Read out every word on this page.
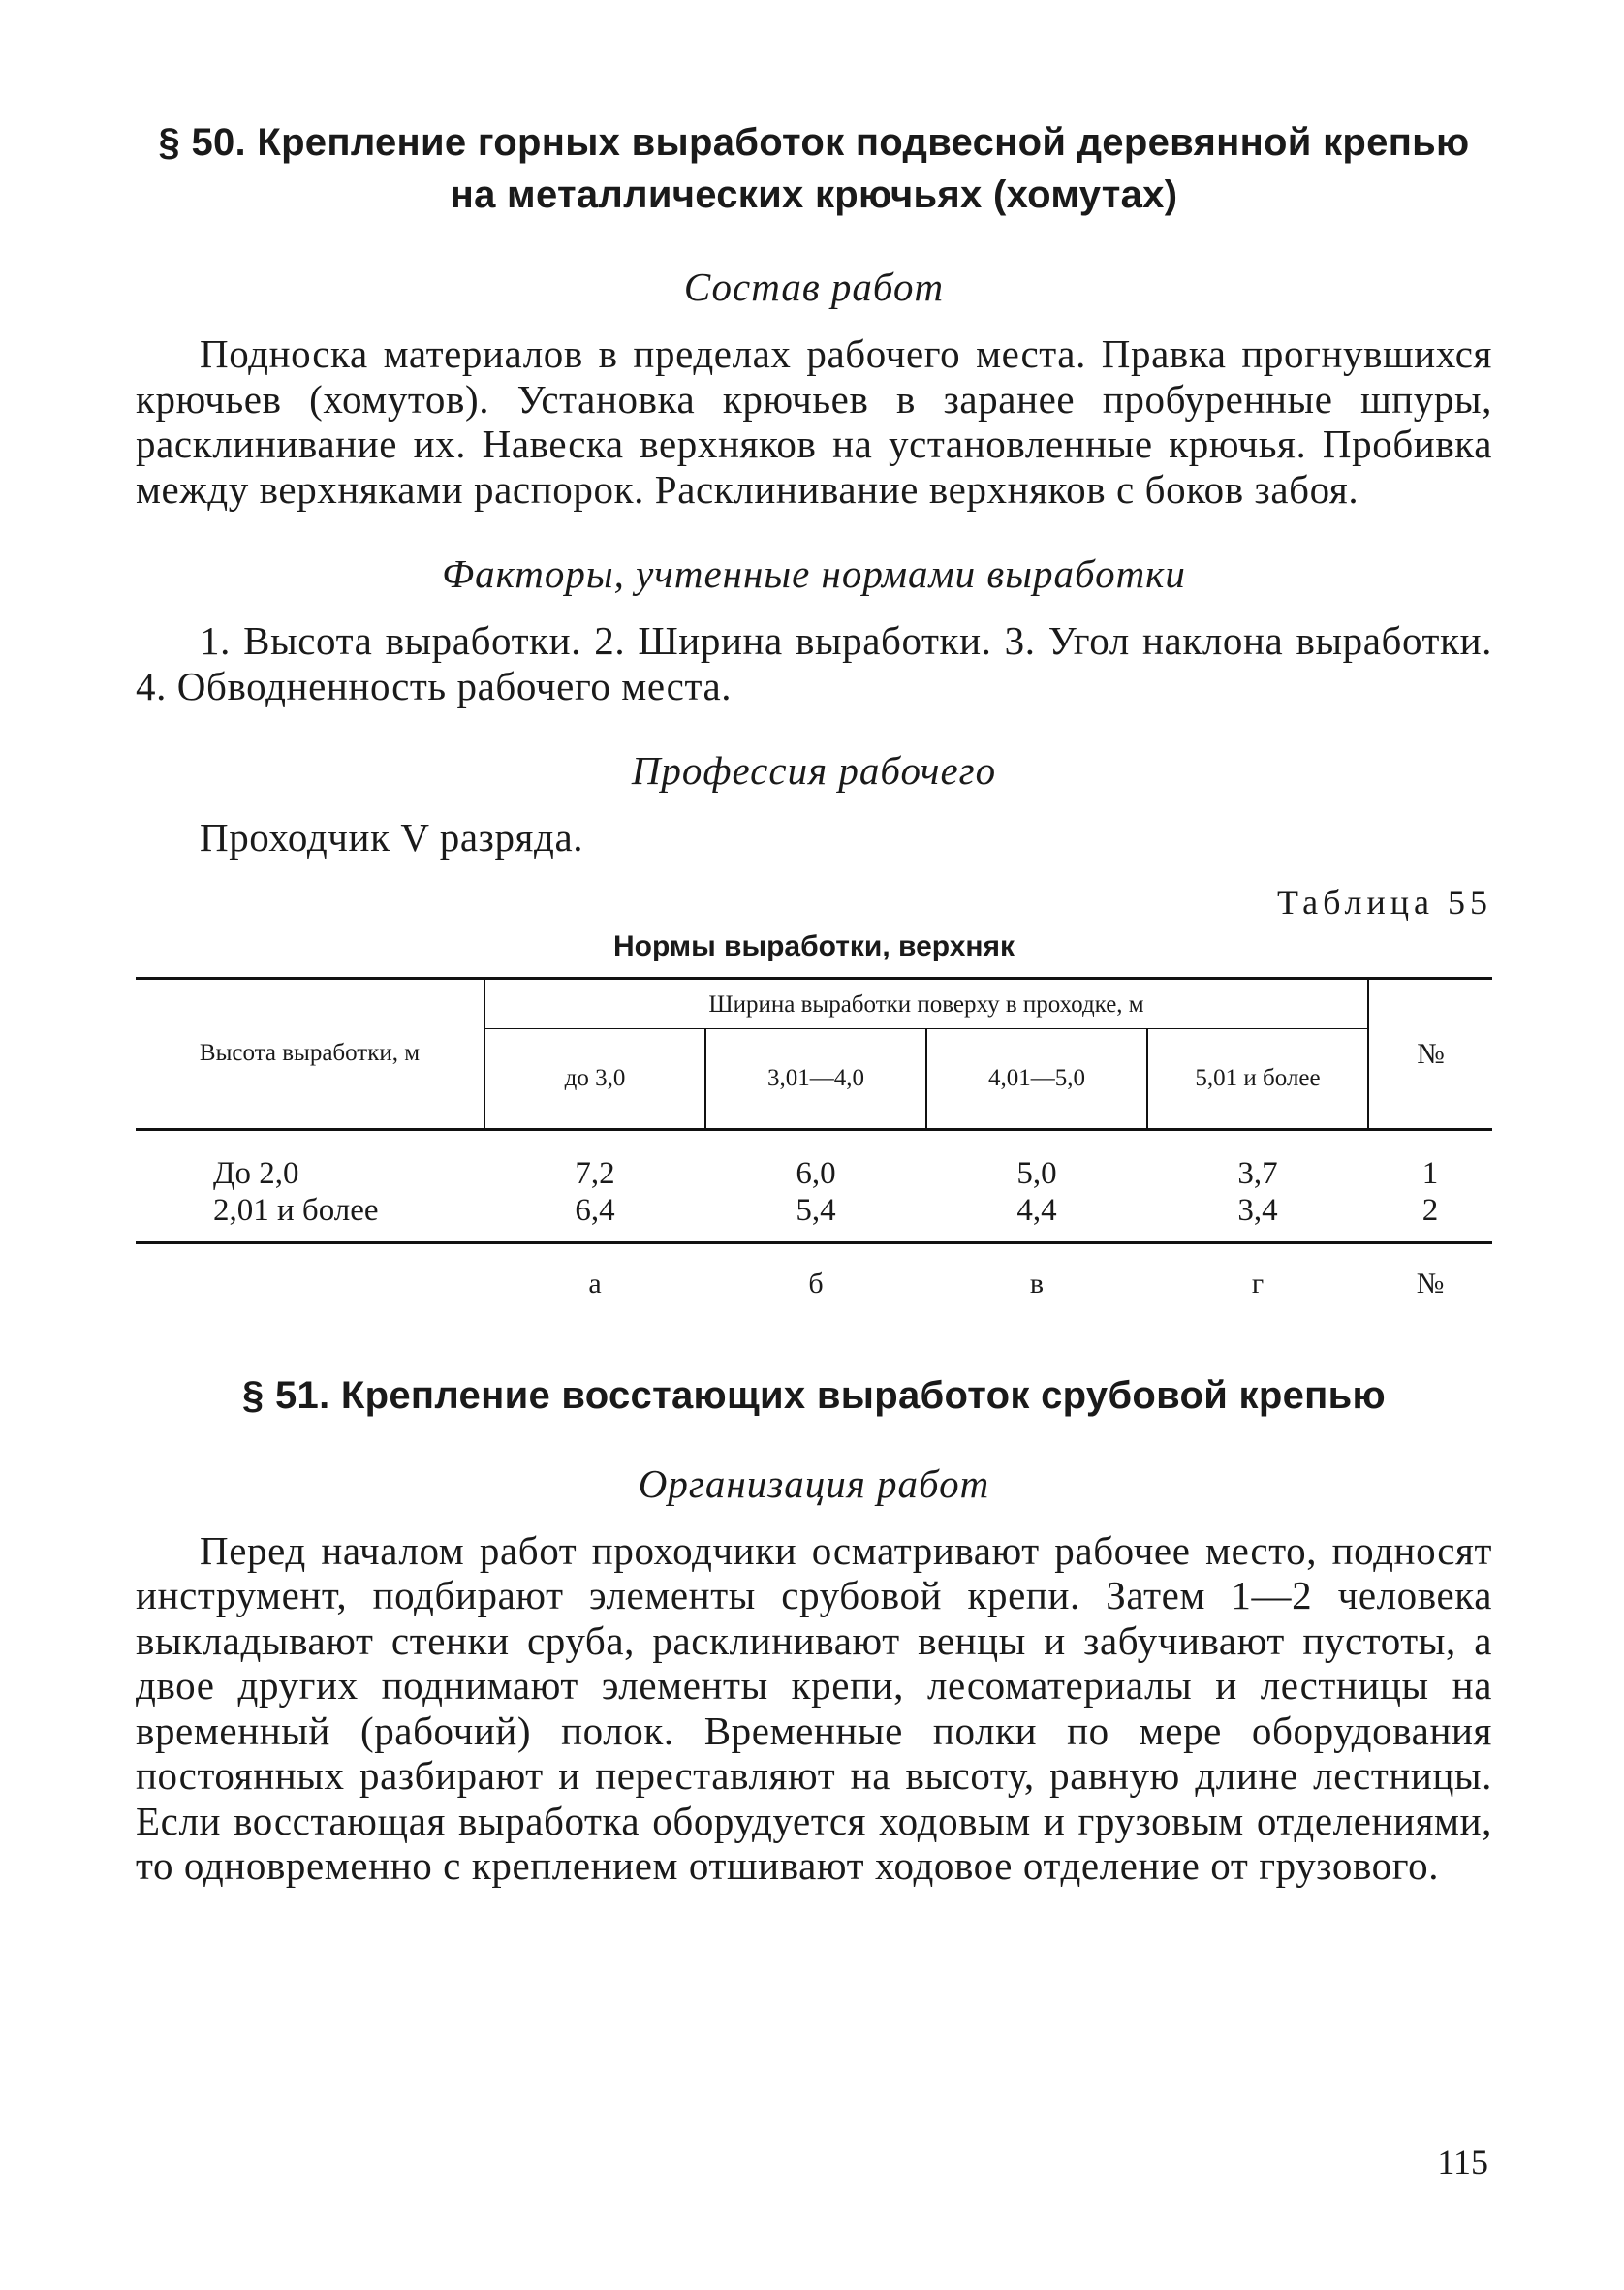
§ 50. Крепление горных выработок подвесной деревянной крепью
на металлических крючьях (хомутах)
Состав работ

Подноска материалов в пределах рабочего места. Правка прогнувшихся крючьев (хомутов). Установка крючьев в заранее пробуренные шпуры, расклинивание их. Навеска верхняков на установленные крючья. Пробивка между верхняками распорок. Расклинивание верхняков с боков забоя.

Факторы, учтенные нормами выработки

1. Высота выработки. 2. Ширина выработки. 3. Угол наклона выработки. 4. Обводненность рабочего места.

Профессия рабочего

Проходчик V разряда.

Таблица 55
Нормы выработки, верхняк
Высота выработки, м	Ширина выработки поверху в проходке, м				№
	до 3,0	3,01—4,0	4,01—5,0	5,01 и более	
До 2,0	7,2	6,0	5,0	3,7	1
2,01 и более	6,4	5,4	4,4	3,4	2
	а	б	в	г	№
§ 51. Крепление восстающих выработок срубовой крепью
Организация работ

Перед началом работ проходчики осматривают рабочее место, подносят инструмент, подбирают элементы срубовой крепи. Затем 1—2 человека выкладывают стенки сруба, расклинивают венцы и забучивают пустоты, а двое других поднимают элементы крепи, лесоматериалы и лестницы на временный (рабочий) полок. Временные полки по мере оборудования постоянных разбирают и переставляют на высоту, равную длине лестницы. Если восстающая выработка оборудуется ходовым и грузовым отделениями, то одновременно с креплением отшивают ходовое отделение от грузового.

115
